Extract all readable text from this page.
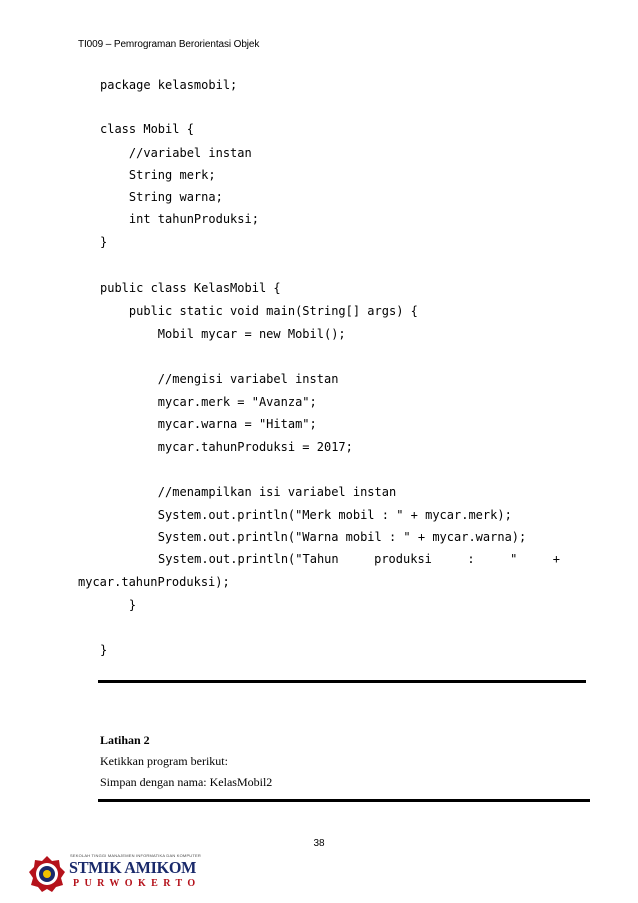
TI009 – Pemrograman Berorientasi Objek
package kelasmobil;
class Mobil {
//variabel instan
String merk;
String warna;
int tahunProduksi;
}
public class KelasMobil {
public static void main(String[] args) {
Mobil mycar = new Mobil();
//mengisi variabel instan
mycar.merk = "Avanza";
mycar.warna = "Hitam";
mycar.tahunProduksi = 2017;
//menampilkan isi variabel instan
System.out.println("Merk mobil : " + mycar.merk);
System.out.println("Warna mobil : " + mycar.warna);
System.out.println("Tahun	produksi	:	"	+
mycar.tahunProduksi);
}
}
Latihan 2
Ketikkan program berikut:
Simpan dengan nama: KelasMobil2
38
SEKOLAH TINGGI MANAJEMEN INFORMATIKA DAN KOMPUTER
STMIK AMIKOM
PURWOKERTO
